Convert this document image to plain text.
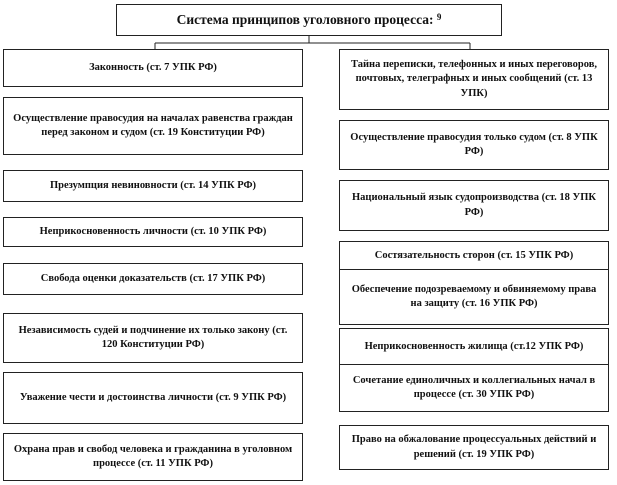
Система принципов уголовного процесса:
$^9$
Законность (ст. 7 УПК РФ)
Осуществление правосудия на началах равенства граждан перед законом и судом (ст. 19 Конституции РФ)
Презумпция невиновности (ст. 14 УПК РФ)
Неприкосновенность личности (ст. 10 УПК РФ)
Свобода оценки доказательств (ст. 17 УПК РФ)
Независимость судей и подчинение их только закону (ст. 120 Конституции РФ)
Уважение чести и достоинства личности (ст. 9 УПК РФ)
Охрана прав и свобод человека и гражданина в уголовном процессе (ст. 11 УПК РФ)
Тайна переписки, телефонных и иных переговоров, почтовых, телеграфных и иных сообщений (ст. 13 УПК)
Осуществление правосудия только судом (ст. 8 УПК РФ)
Национальный язык судопроизводства (ст. 18 УПК РФ)
Состязательность сторон (ст. 15 УПК РФ)
Обеспечение подозреваемому и обвиняемому права на защиту (ст. 16 УПК РФ)
Неприкосновенность жилища (ст.12 УПК РФ)
Сочетание единоличных и коллегиальных начал в процессе (ст. 30 УПК РФ)
Право на обжалование процессуальных действий и решений (ст. 19 УПК РФ)
